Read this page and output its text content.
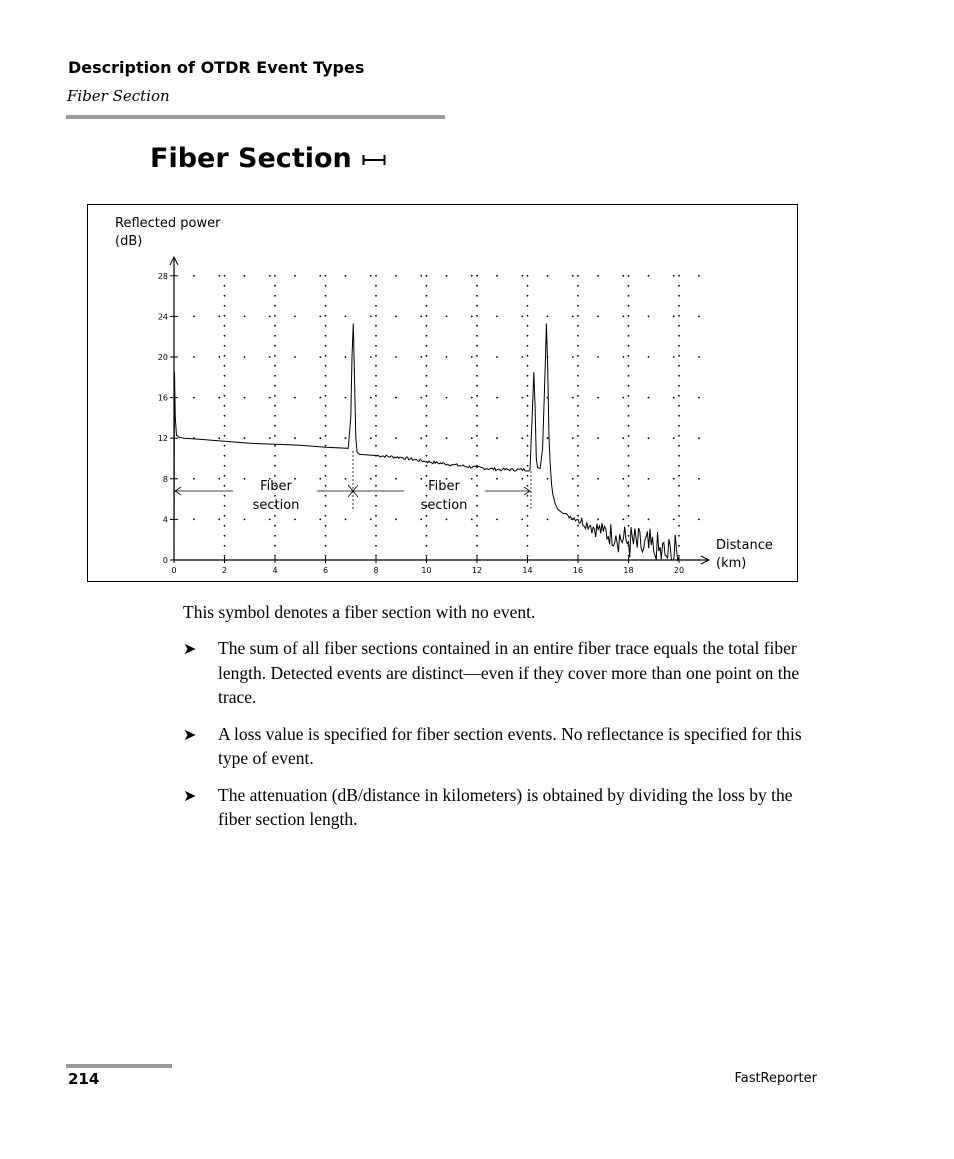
Description of OTDR Event Types
Fiber Section
Fiber Section
0
4
8
12
16
20
24
28
0	2	4	6	8	10	12	14	16	18	20
Reflected power
(dB)
Distance
(km)
Fiber
section
Fiber
section
This symbol denotes a fiber section with no event.
➤ The sum of all fiber sections contained in an entire fiber trace equals the total fiber length. Detected events are distinct—even if they cover more than one point on the trace.
➤ A loss value is specified for fiber section events. No reflectance is specified for this type of event.
➤ The attenuation (dB/distance in kilometers) is obtained by dividing the loss by the fiber section length.
214	FastReporter
